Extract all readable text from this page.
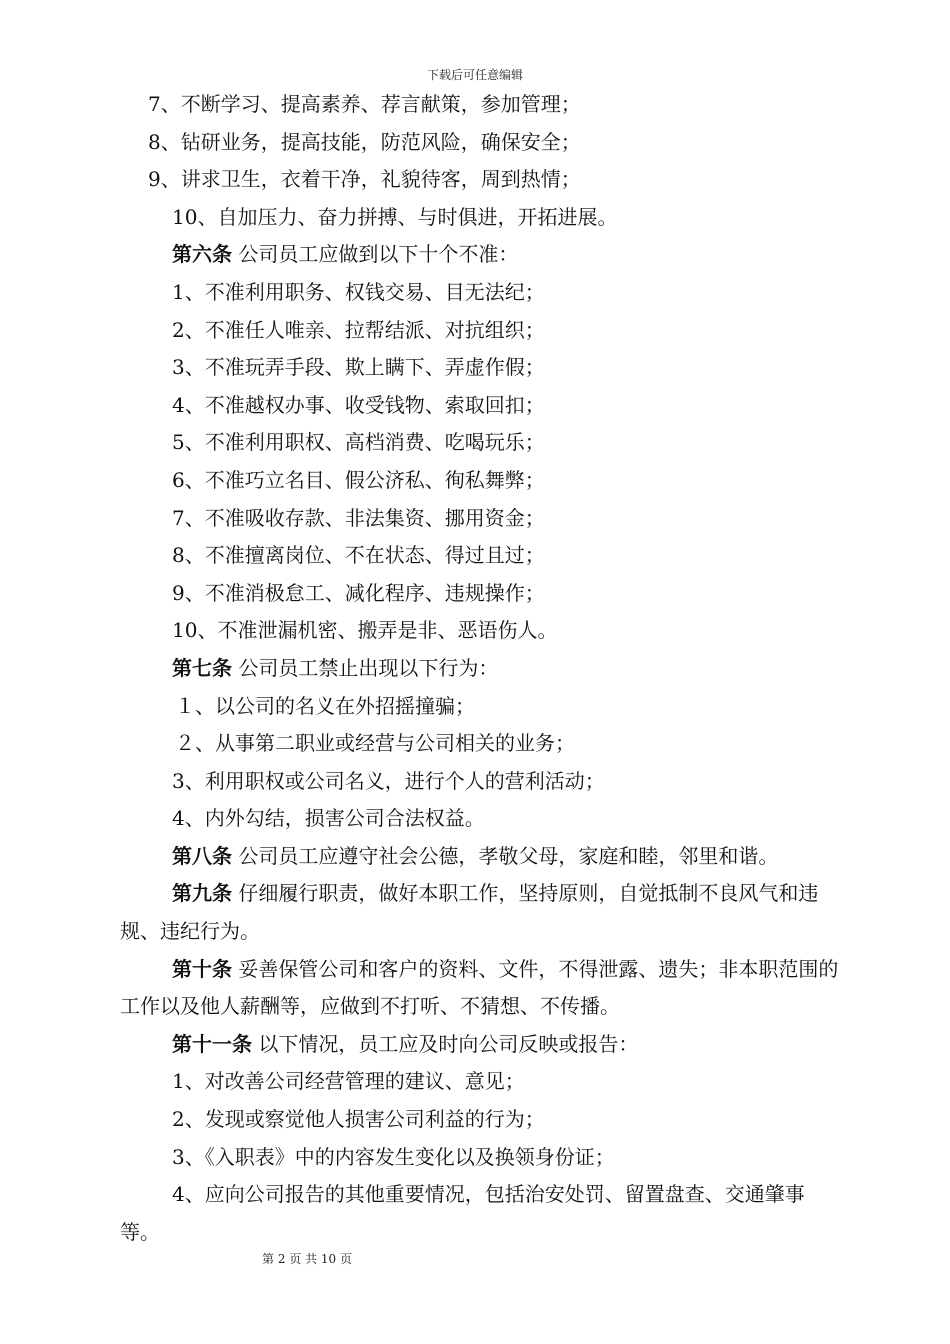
下载后可任意编辑
7、不断学习、提高素养、荐言献策，参加管理；
8、钻研业务，提高技能，防范风险，确保安全；
9、讲求卫生，衣着干净，礼貌待客，周到热情；
10、自加压力、奋力拼搏、与时俱进，开拓进展。
第六条 公司员工应做到以下十个不准：
1、不准利用职务、权钱交易、目无法纪；
2、不准任人唯亲、拉帮结派、对抗组织；
3、不准玩弄手段、欺上瞒下、弄虚作假；
4、不准越权办事、收受钱物、索取回扣；
5、不准利用职权、高档消费、吃喝玩乐；
6、不准巧立名目、假公济私、徇私舞弊；
7、不准吸收存款、非法集资、挪用资金；
8、不准擅离岗位、不在状态、得过且过；
9、不准消极怠工、减化程序、违规操作；
10、不准泄漏机密、搬弄是非、恶语伤人。
第七条 公司员工禁止出现以下行为：
１、以公司的名义在外招摇撞骗；
２、从事第二职业或经营与公司相关的业务；
3、利用职权或公司名义，进行个人的营利活动；
4、内外勾结，损害公司合法权益。
第八条 公司员工应遵守社会公德，孝敬父母，家庭和睦，邻里和谐。
第九条 仔细履行职责，做好本职工作，坚持原则，自觉抵制不良风气和违规、违纪行为。
第十条 妥善保管公司和客户的资料、文件，不得泄露、遗失；非本职范围的工作以及他人薪酬等，应做到不打听、不猜想、不传播。
第十一条 以下情况，员工应及时向公司反映或报告：
1、对改善公司经营管理的建议、意见；
2、发现或察觉他人损害公司利益的行为；
3、《入职表》中的内容发生变化以及换领身份证；
4、应向公司报告的其他重要情况，包括治安处罚、留置盘查、交通肇事等。
第 2 页 共 10 页
